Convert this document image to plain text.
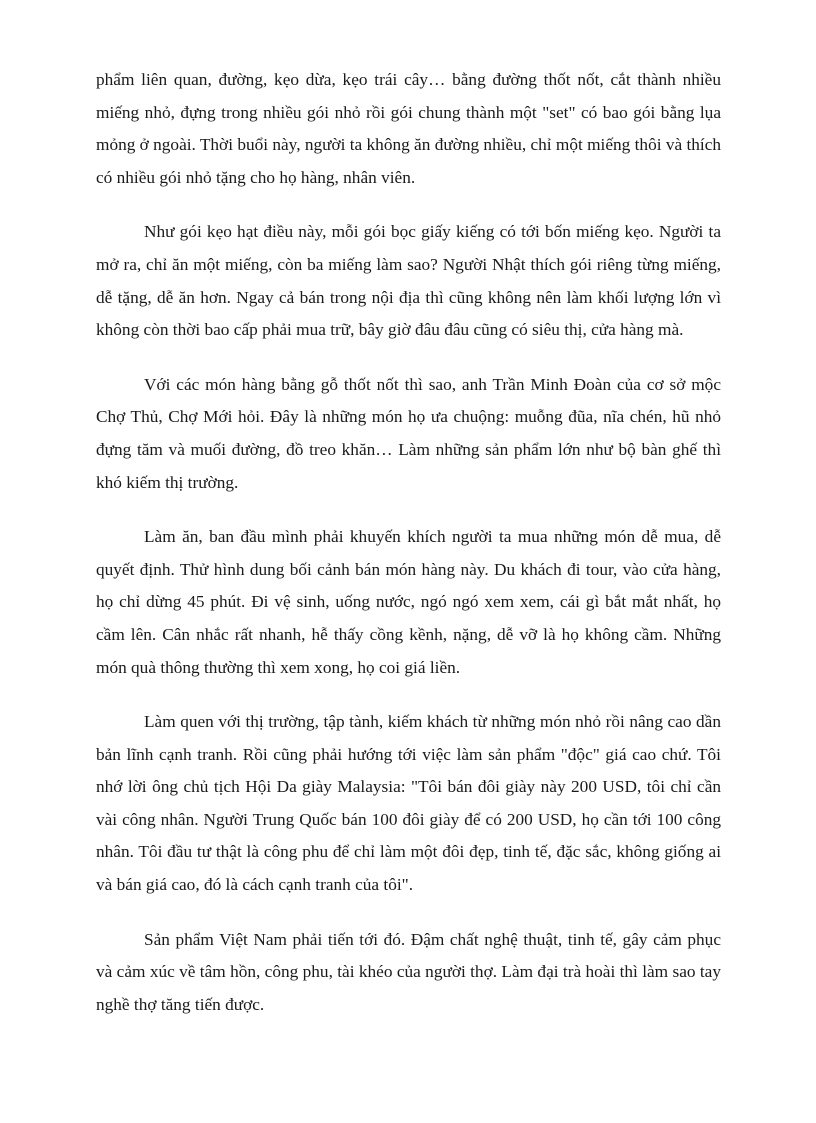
phẩm liên quan, đường, kẹo dừa, kẹo trái cây… bằng đường thốt nốt, cắt thành nhiều miếng nhỏ, đựng trong nhiều gói nhỏ rồi gói chung thành một "set" có bao gói bằng lụa mỏng ở ngoài. Thời buổi này, người ta không ăn đường nhiều, chỉ một miếng thôi và thích có nhiều gói nhỏ tặng cho họ hàng, nhân viên.

Như gói kẹo hạt điều này, mỗi gói bọc giấy kiếng có tới bốn miếng kẹo. Người ta mở ra, chỉ ăn một miếng, còn ba miếng làm sao? Người Nhật thích gói riêng từng miếng, dễ tặng, dễ ăn hơn. Ngay cả bán trong nội địa thì cũng không nên làm khối lượng lớn vì không còn thời bao cấp phải mua trữ, bây giờ đâu đâu cũng có siêu thị, cửa hàng mà.

Với các món hàng bằng gỗ thốt nốt thì sao, anh Trần Minh Đoàn của cơ sở mộc Chợ Thủ, Chợ Mới hỏi. Đây là những món họ ưa chuộng: muỗng đũa, nĩa chén, hũ nhỏ đựng tăm và muối đường, đồ treo khăn… Làm những sản phẩm lớn như bộ bàn ghế thì khó kiếm thị trường.

Làm ăn, ban đầu mình phải khuyến khích người ta mua những món dễ mua, dễ quyết định. Thử hình dung bối cảnh bán món hàng này. Du khách đi tour, vào cửa hàng, họ chỉ dừng 45 phút. Đi vệ sinh, uống nước, ngó ngó xem xem, cái gì bắt mắt nhất, họ cầm lên. Cân nhắc rất nhanh, hễ thấy cồng kềnh, nặng, dễ vỡ là họ không cầm. Những món quà thông thường thì xem xong, họ coi giá liền.

Làm quen với thị trường, tập tành, kiếm khách từ những món nhỏ rồi nâng cao dần bản lĩnh cạnh tranh. Rồi cũng phải hướng tới việc làm sản phẩm "độc" giá cao chứ. Tôi nhớ lời ông chủ tịch Hội Da giày Malaysia: "Tôi bán đôi giày này 200 USD, tôi chỉ cần vài công nhân. Người Trung Quốc bán 100 đôi giày để có 200 USD, họ cần tới 100 công nhân. Tôi đầu tư thật là công phu để chỉ làm một đôi đẹp, tinh tế, đặc sắc, không giống ai và bán giá cao, đó là cách cạnh tranh của tôi".

Sản phẩm Việt Nam phải tiến tới đó. Đậm chất nghệ thuật, tinh tế, gây cảm phục và cảm xúc về tâm hồn, công phu, tài khéo của người thợ. Làm đại trà hoài thì làm sao tay nghề thợ tăng tiến được.
